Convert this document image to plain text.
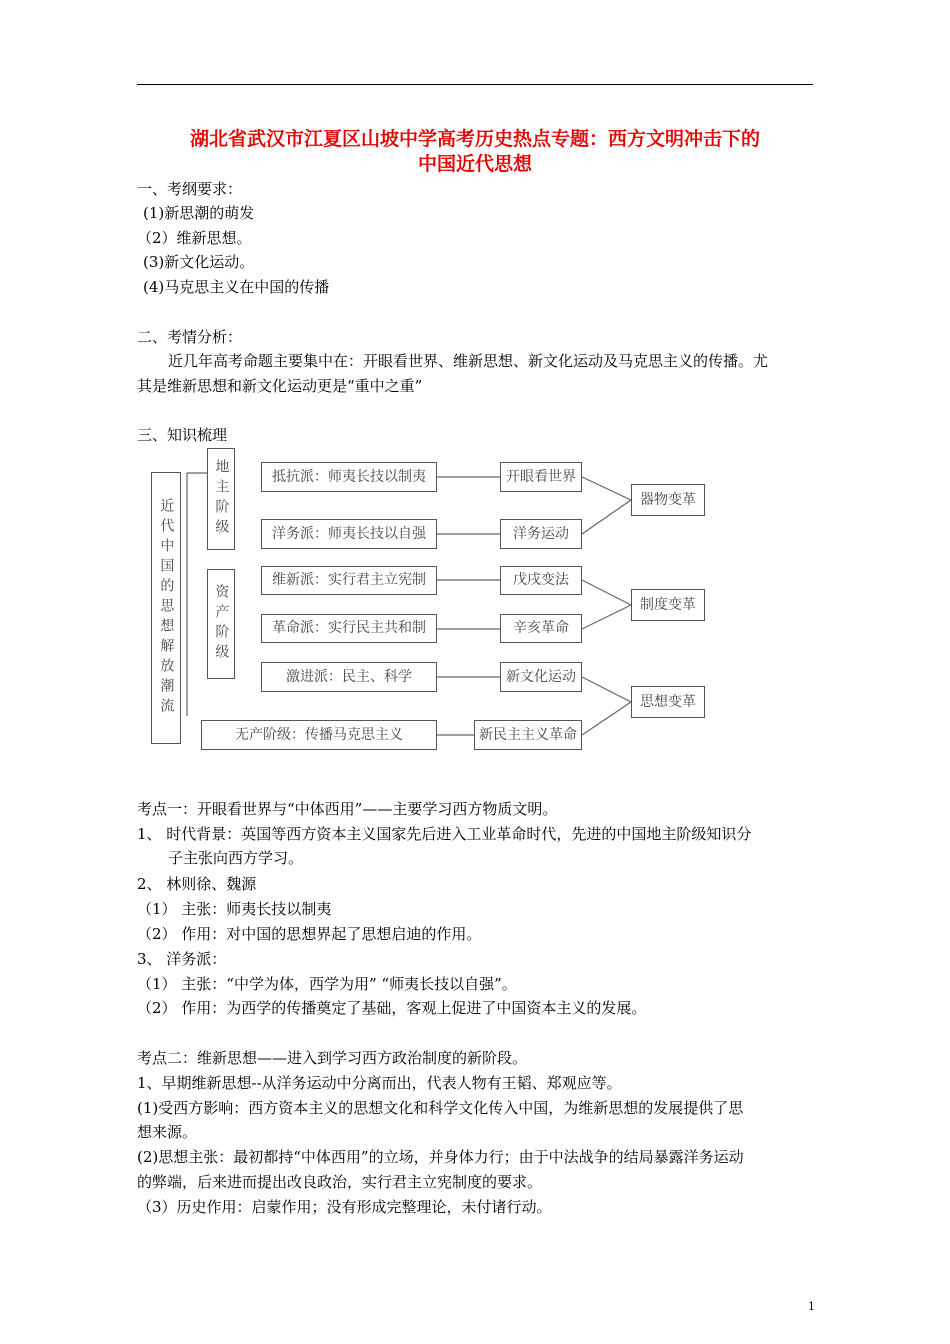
湖北省武汉市江夏区山坡中学高考历史热点专题：西方文明冲击下的
中国近代思想
一、考纲要求：
(1)新思潮的萌发
（2）维新思想。
(3)新文化运动。
(4)马克思主义在中国的传播
二、考情分析：
近几年高考命题主要集中在：开眼看世界、维新思想、新文化运动及马克思主义的传播。尤
其是维新思想和新文化运动更是“重中之重”
三、知识梳理
近代中国的思想解放潮流	地主阶级
资产阶级
抵抗派：师夷长技以制夷
洋务派：师夷长技以自强
维新派：实行君主立宪制
革命派：实行民主共和制
激进派：民主、科学
无产阶级：传播马克思主义
开眼看世界
洋务运动
戊戌变法
辛亥革命
新文化运动
新民主主义革命
器物变革
制度变革
思想变革
考点一：开眼看世界与“中体西用”——主要学习西方物质文明。
1、 时代背景：英国等西方资本主义国家先后进入工业革命时代，先进的中国地主阶级知识分
子主张向西方学习。
2、 林则徐、魏源
（1） 主张：师夷长技以制夷
（2） 作用：对中国的思想界起了思想启迪的作用。
3、 洋务派：
（1） 主张：“中学为体，西学为用” “师夷长技以自强”。
（2） 作用：为西学的传播奠定了基础，客观上促进了中国资本主义的发展。
考点二：维新思想——进入到学习西方政治制度的新阶段。
1、早期维新思想--从洋务运动中分离而出，代表人物有王韬、郑观应等。
(1)受西方影响：西方资本主义的思想文化和科学文化传入中国，为维新思想的发展提供了思
想来源。
(2)思想主张：最初都持“中体西用”的立场，并身体力行；由于中法战争的结局暴露洋务运动
的弊端，后来进而提出改良政治，实行君主立宪制度的要求。
（3）历史作用：启蒙作用；没有形成完整理论，未付诸行动。
1
